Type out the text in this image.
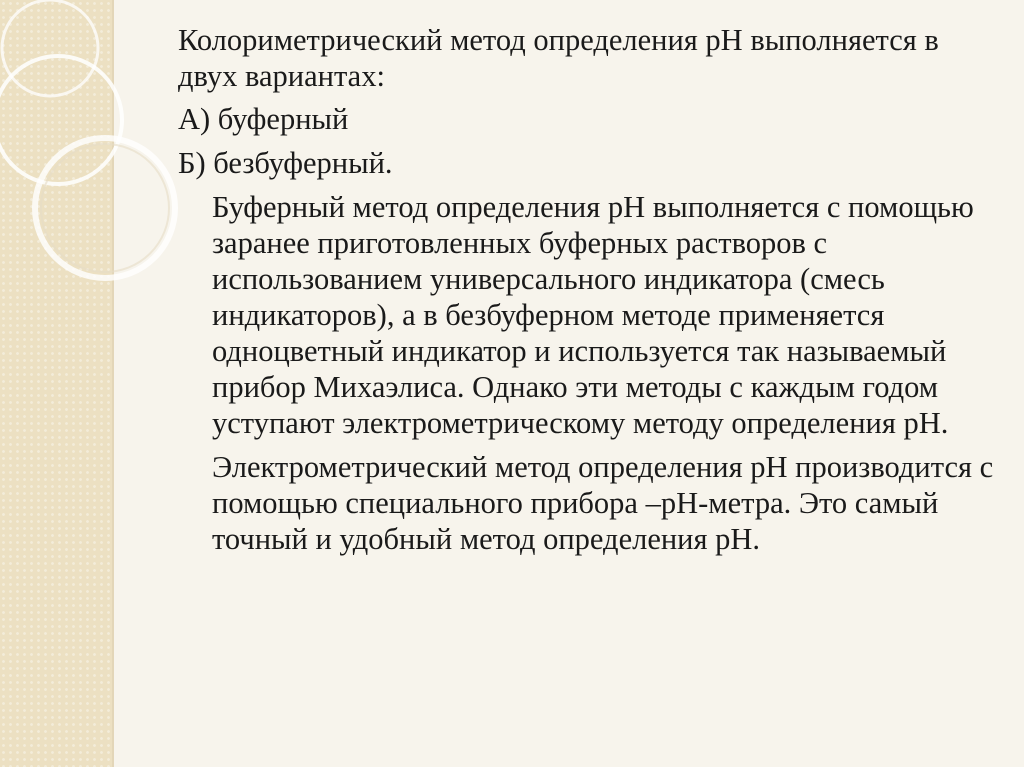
Колориметрический метод определения рН выполняется в двух вариантах:

А) буферный

Б) безбуферный.

Буферный метод определения рН выполняется с помощью заранее приготовленных буферных растворов с использованием универсального индикатора (смесь индикаторов), а в безбуферном методе применяется одноцветный индикатор и используется так называемый прибор Михаэлиса. Однако эти методы с каждым годом уступают электрометрическому методу определения рН.

Электрометрический метод определения рН производится с помощью специального прибора –рН-метра. Это самый точный и удобный метод определения рН.
